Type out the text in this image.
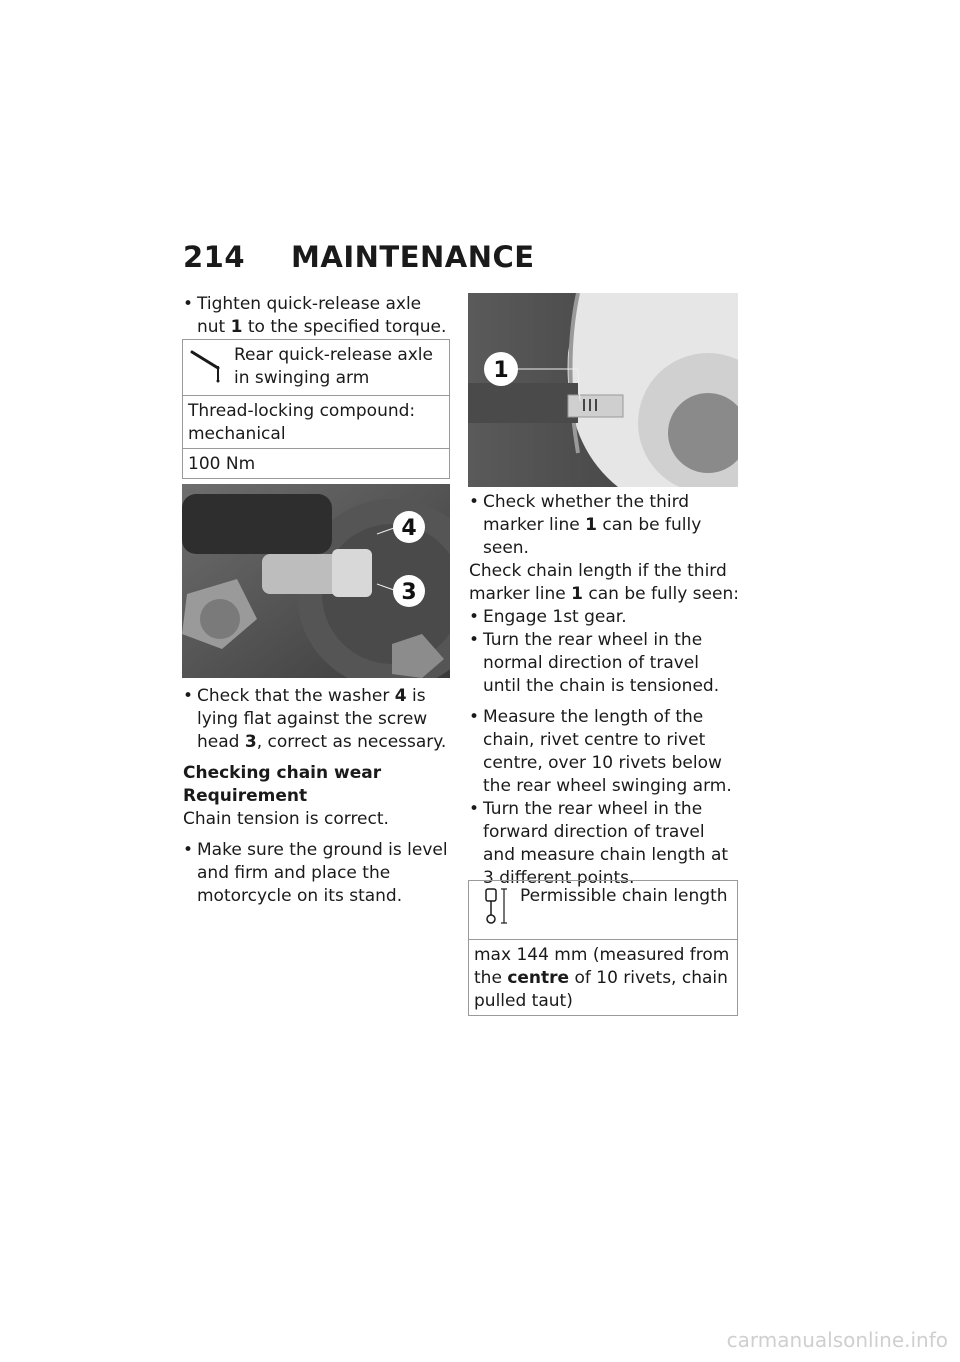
214 MAINTENANCE
• Tighten quick-release axle nut 1 to the specified torque.
Rear quick-release axle in swinging arm
Thread-locking compound: mechanical
100 Nm
4
3
• Check that the washer 4 is lying flat against the screw head 3, correct as necessary.
Checking chain wear
Requirement
Chain tension is correct.
• Make sure the ground is level and firm and place the motorcycle on its stand.
1
• Check whether the third marker line 1 can be fully seen.
Check chain length if the third marker line 1 can be fully seen:
• Engage 1st gear.
• Turn the rear wheel in the normal direction of travel until the chain is tensioned.
• Measure the length of the chain, rivet centre to rivet centre, over 10 rivets below the rear wheel swinging arm.
• Turn the rear wheel in the forward direction of travel and measure chain length at 3 different points.
Permissible chain length
max 144 mm (measured from the centre of 10 rivets, chain pulled taut)
carmanualsonline.info
